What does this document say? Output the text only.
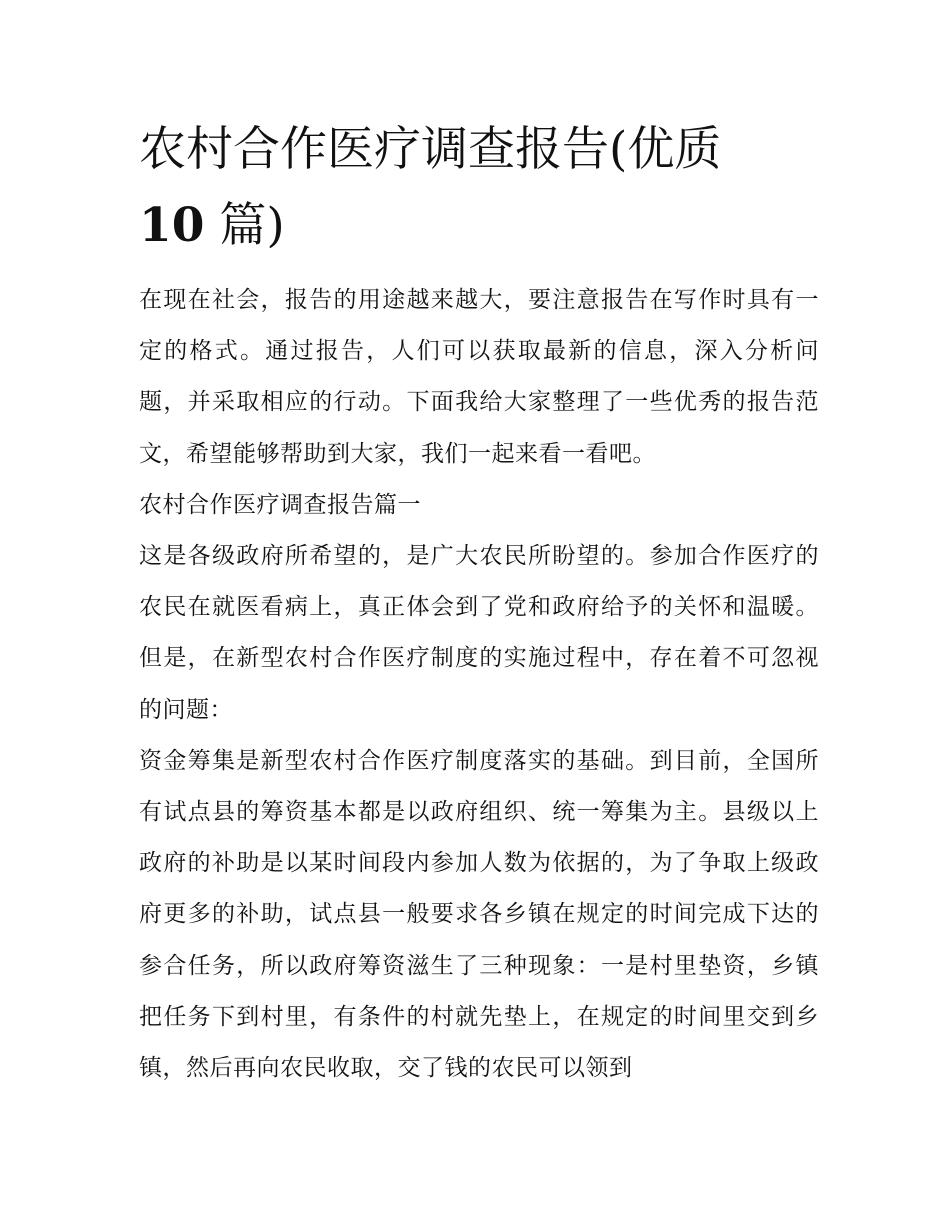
农村合作医疗调查报告(优质
10 篇)

在现在社会，报告的用途越来越大，要注意报告在写作时具有一定的格式。通过报告，人们可以获取最新的信息，深入分析问题，并采取相应的行动。下面我给大家整理了一些优秀的报告范文，希望能够帮助到大家，我们一起来看一看吧。

农村合作医疗调查报告篇一

这是各级政府所希望的，是广大农民所盼望的。参加合作医疗的农民在就医看病上，真正体会到了党和政府给予的关怀和温暖。但是，在新型农村合作医疗制度的实施过程中，存在着不可忽视的问题：

资金筹集是新型农村合作医疗制度落实的基础。到目前，全国所有试点县的筹资基本都是以政府组织、统一筹集为主。县级以上政府的补助是以某时间段内参加人数为依据的，为了争取上级政府更多的补助，试点县一般要求各乡镇在规定的时间完成下达的参合任务，所以政府筹资滋生了三种现象：一是村里垫资，乡镇把任务下到村里，有条件的村就先垫上，在规定的时间里交到乡镇，然后再向农民收取，交了钱的农民可以领到
